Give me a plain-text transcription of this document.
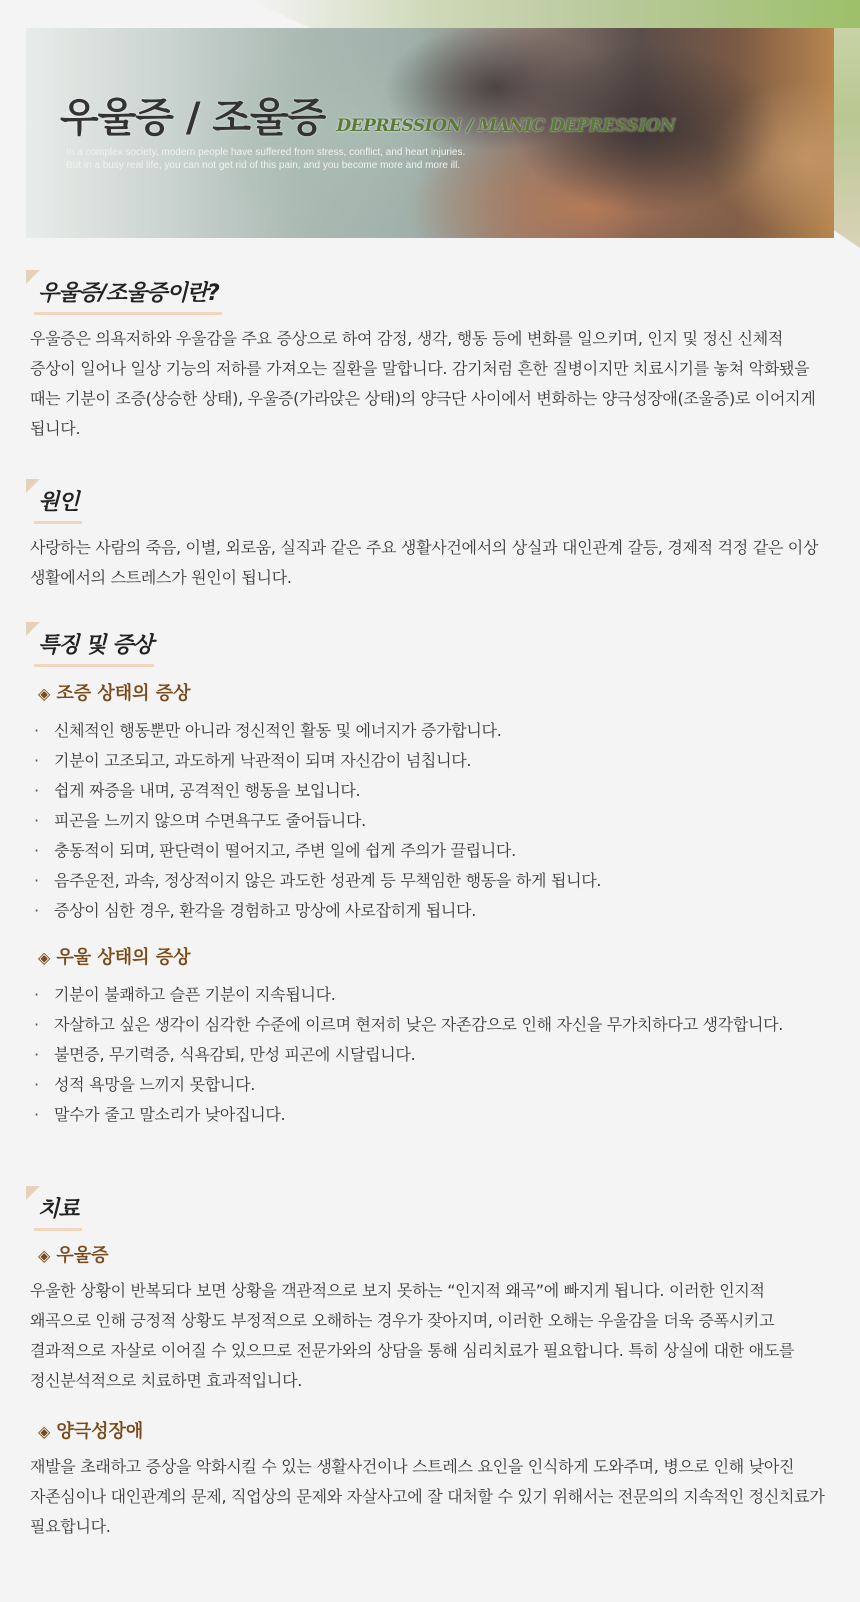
우울증 / 조울증 DEPRESSION / MANIC DEPRESSION
In a complex society, modern people have suffered from stress, conflict, and heart injuries.
But in a busy real life, you can not get rid of this pain, and you become more and more ill.
우울증/조울증이란?

우울증은 의욕저하와 우울감을 주요 증상으로 하여 감정, 생각, 행동 등에 변화를 일으키며, 인지 및 정신 신체적

증상이 일어나 일상 기능의 저하를 가져오는 질환을 말합니다. 감기처럼 흔한 질병이지만 치료시기를 놓쳐 악화됐을

때는 기분이 조증(상승한 상태), 우울증(가라앉은 상태)의 양극단 사이에서 변화하는 양극성장애(조울증)로 이어지게

됩니다.

원인

사랑하는 사람의 죽음, 이별, 외로움, 실직과 같은 주요 생활사건에서의 상실과 대인관계 갈등, 경제적 걱정 같은 이상

생활에서의 스트레스가 원인이 됩니다.

특징 및 증상

◈ 조증 상태의 증상

· 신체적인 행동뿐만 아니라 정신적인 활동 및 에너지가 증가합니다.
· 기분이 고조되고, 과도하게 낙관적이 되며 자신감이 넘칩니다.
· 쉽게 짜증을 내며, 공격적인 행동을 보입니다.
· 피곤을 느끼지 않으며 수면욕구도 줄어듭니다.
· 충동적이 되며, 판단력이 떨어지고, 주변 일에 쉽게 주의가 끌립니다.
· 음주운전, 과속, 정상적이지 않은 과도한 성관계 등 무책임한 행동을 하게 됩니다.
· 증상이 심한 경우, 환각을 경험하고 망상에 사로잡히게 됩니다.

◈ 우울 상태의 증상

· 기분이 불쾌하고 슬픈 기분이 지속됩니다.
· 자살하고 싶은 생각이 심각한 수준에 이르며 현저히 낮은 자존감으로 인해 자신을 무가치하다고 생각합니다.
· 불면증, 무기력증, 식욕감퇴, 만성 피곤에 시달립니다.
· 성적 욕망을 느끼지 못합니다.
· 말수가 줄고 말소리가 낮아집니다.
치료

◈ 우울증

우울한 상황이 반복되다 보면 상황을 객관적으로 보지 못하는 “인지적 왜곡”에 빠지게 됩니다. 이러한 인지적

왜곡으로 인해 긍정적 상황도 부정적으로 오해하는 경우가 잦아지며, 이러한 오해는 우울감을 더욱 증폭시키고

결과적으로 자살로 이어질 수 있으므로 전문가와의 상담을 통해 심리치료가 필요합니다. 특히 상실에 대한 애도를

정신분석적으로 치료하면 효과적입니다.

◈ 양극성장애

재발을 초래하고 증상을 악화시킬 수 있는 생활사건이나 스트레스 요인을 인식하게 도와주며, 병으로 인해 낮아진

자존심이나 대인관계의 문제, 직업상의 문제와 자살사고에 잘 대처할 수 있기 위해서는 전문의의 지속적인 정신치료가

필요합니다.
